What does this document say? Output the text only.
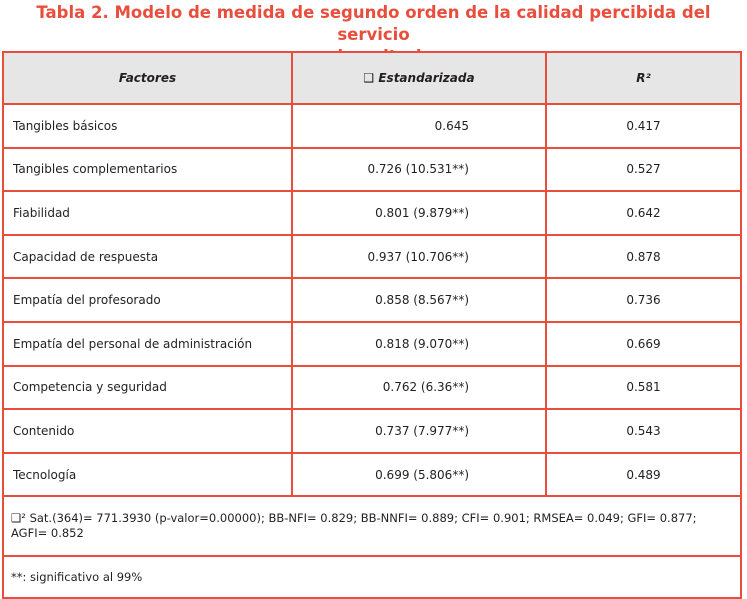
Tabla 2. Modelo de medida de segundo orden de la calidad percibida del servicio
Factores	❑ Estandarizada	R²
Tangibles básicos	0.645	0.417
Tangibles complementarios	0.726 (10.531**)	0.527
Fiabilidad	0.801 (9.879**)	0.642
Capacidad de respuesta	0.937 (10.706**)	0.878
Empatía del profesorado	0.858 (8.567**)	0.736
Empatía del personal de administración	0.818 (9.070**)	0.669
Competencia y seguridad	0.762 (6.36**)	0.581
Contenido	0.737 (7.977**)	0.543
Tecnología	0.699 (5.806**)	0.489
❑² Sat.(364)= 771.3930 (p-valor=0.00000); BB-NFI= 0.829; BB-NNFI= 0.889; CFI= 0.901; RMSEA= 0.049; GFI= 0.877; AGFI= 0.852		
**: significativo al 99%		
